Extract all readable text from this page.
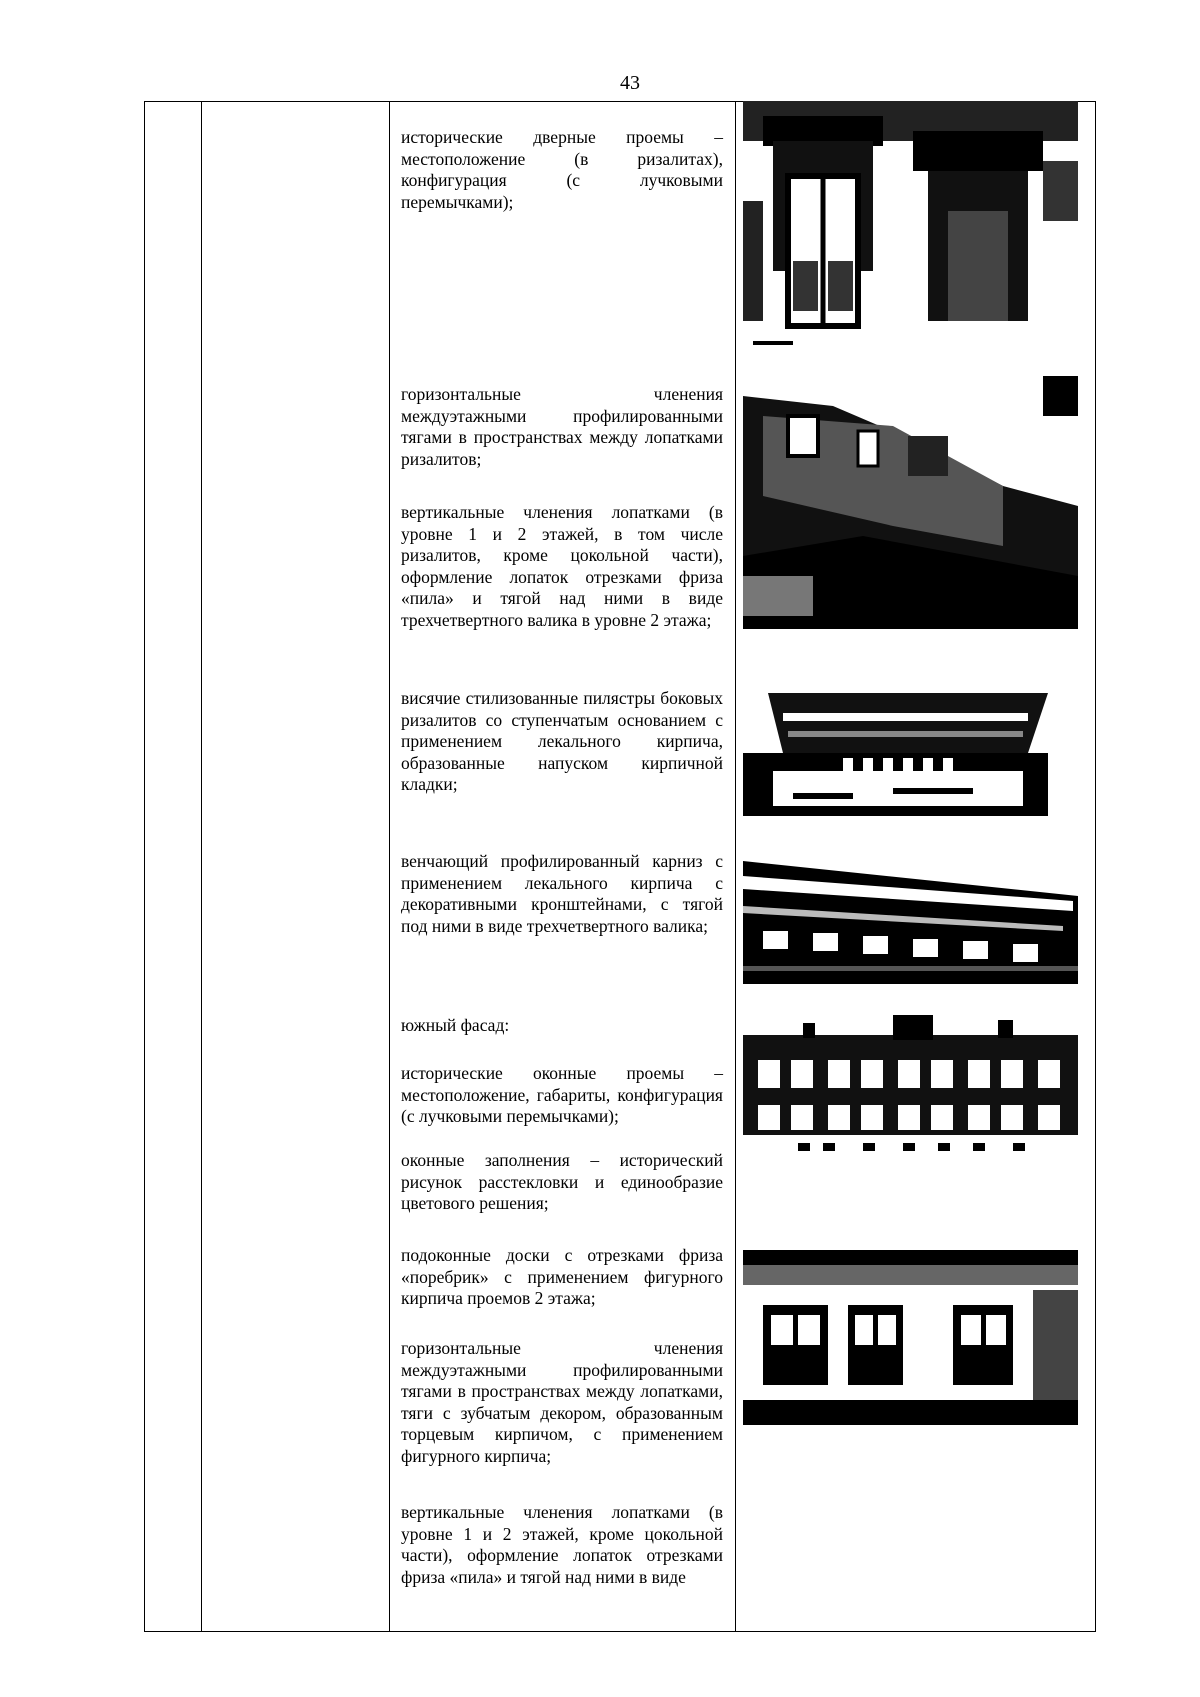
43
исторические дверные проемы – местоположение (в ризалитах), конфигурация (с лучковыми перемычками);
горизонтальные членения междуэтажными профилированными тягами в пространствах между лопатками ризалитов;
вертикальные членения лопатками (в уровне 1 и 2 этажей, в том числе ризалитов, кроме цокольной части), оформление лопаток отрезками фриза «пила» и тягой над ними в виде трехчетвертного валика в уровне 2 этажа;
висячие стилизованные пилястры боковых ризалитов со ступенчатым основанием с применением лекального кирпича, образованные напуском кирпичной кладки;
венчающий профилированный карниз с применением лекального кирпича с декоративными кронштейнами, с тягой под ними в виде трехчетвертного валика;
южный фасад:
исторические оконные проемы – местоположение, габариты, конфигурация (с лучковыми перемычками);
оконные заполнения – исторический рисунок расстекловки и единообразие цветового решения;
подоконные доски с отрезками фриза «поребрик» с применением фигурного кирпича проемов 2 этажа;
горизонтальные членения междуэтажными профилированными тягами в пространствах между лопатками, тяги с зубчатым декором, образованным торцевым кирпичом, с применением фигурного кирпича;
вертикальные членения лопатками (в уровне 1 и 2 этажей, кроме цокольной части), оформление лопаток отрезками фриза «пила» и тягой над ними в виде
